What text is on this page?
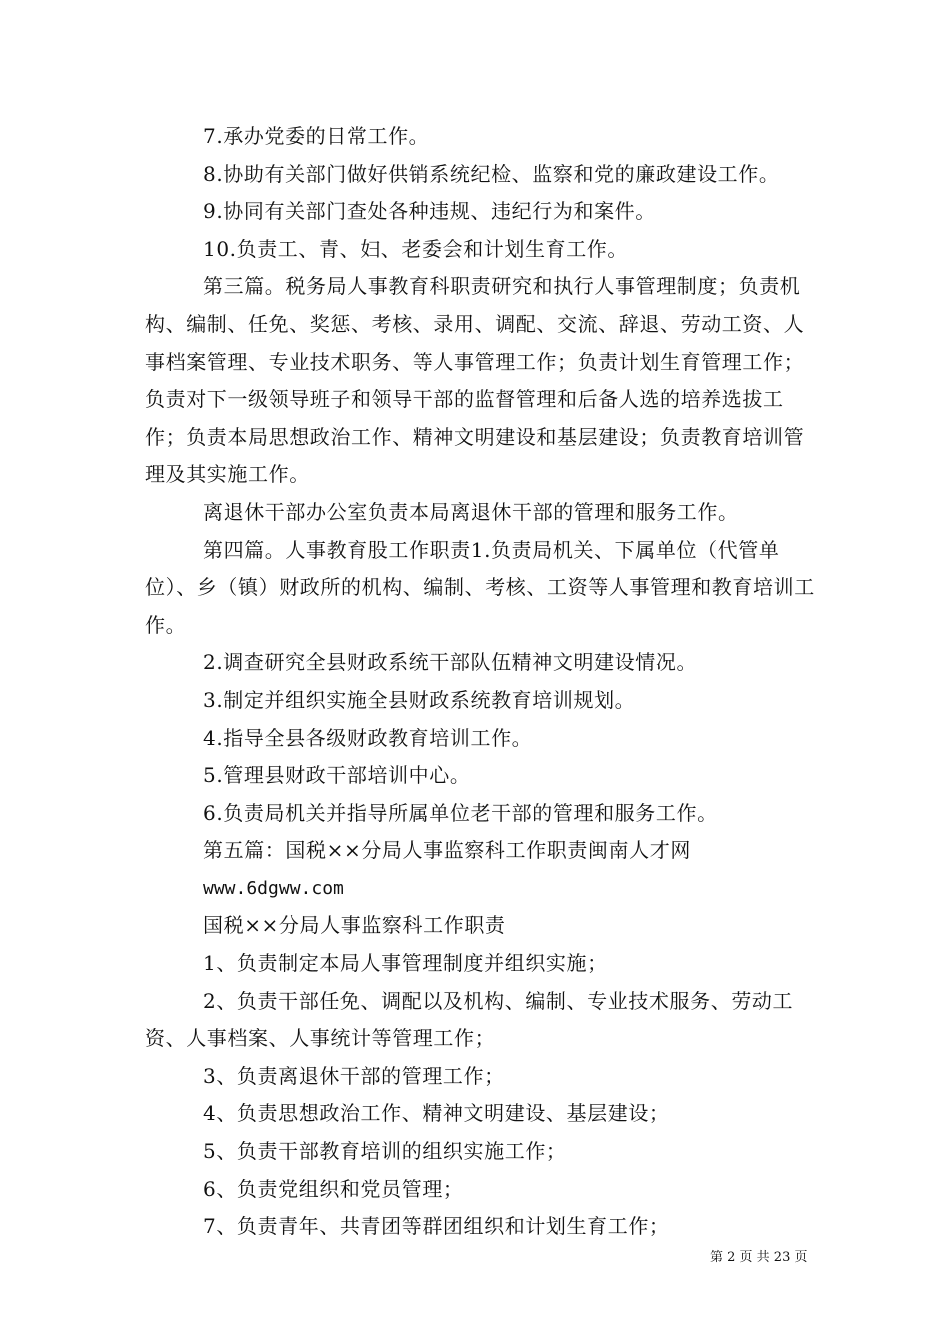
7.承办党委的日常工作。

8.协助有关部门做好供销系统纪检、监察和党的廉政建设工作。

9.协同有关部门查处各种违规、违纪行为和案件。

10.负责工、青、妇、老委会和计划生育工作。

第三篇。税务局人事教育科职责研究和执行人事管理制度；负责机构、编制、任免、奖惩、考核、录用、调配、交流、辞退、劳动工资、人事档案管理、专业技术职务、等人事管理工作；负责计划生育管理工作；负责对下一级领导班子和领导干部的监督管理和后备人选的培养选拔工作；负责本局思想政治工作、精神文明建设和基层建设；负责教育培训管理及其实施工作。

离退休干部办公室负责本局离退休干部的管理和服务工作。

第四篇。人事教育股工作职责1.负责局机关、下属单位（代管单位）、乡（镇）财政所的机构、编制、考核、工资等人事管理和教育培训工作。

2.调查研究全县财政系统干部队伍精神文明建设情况。

3.制定并组织实施全县财政系统教育培训规划。

4.指导全县各级财政教育培训工作。

5.管理县财政干部培训中心。

6.负责局机关并指导所属单位老干部的管理和服务工作。

第五篇：国税××分局人事监察科工作职责闽南人才网

www.6dgww.com

国税××分局人事监察科工作职责

1、负责制定本局人事管理制度并组织实施；

2、负责干部任免、调配以及机构、编制、专业技术服务、劳动工资、人事档案、人事统计等管理工作；

3、负责离退休干部的管理工作；

4、负责思想政治工作、精神文明建设、基层建设；

5、负责干部教育培训的组织实施工作；

6、负责党组织和党员管理；

7、负责青年、共青团等群团组织和计划生育工作；

第 2 页 共 23 页
